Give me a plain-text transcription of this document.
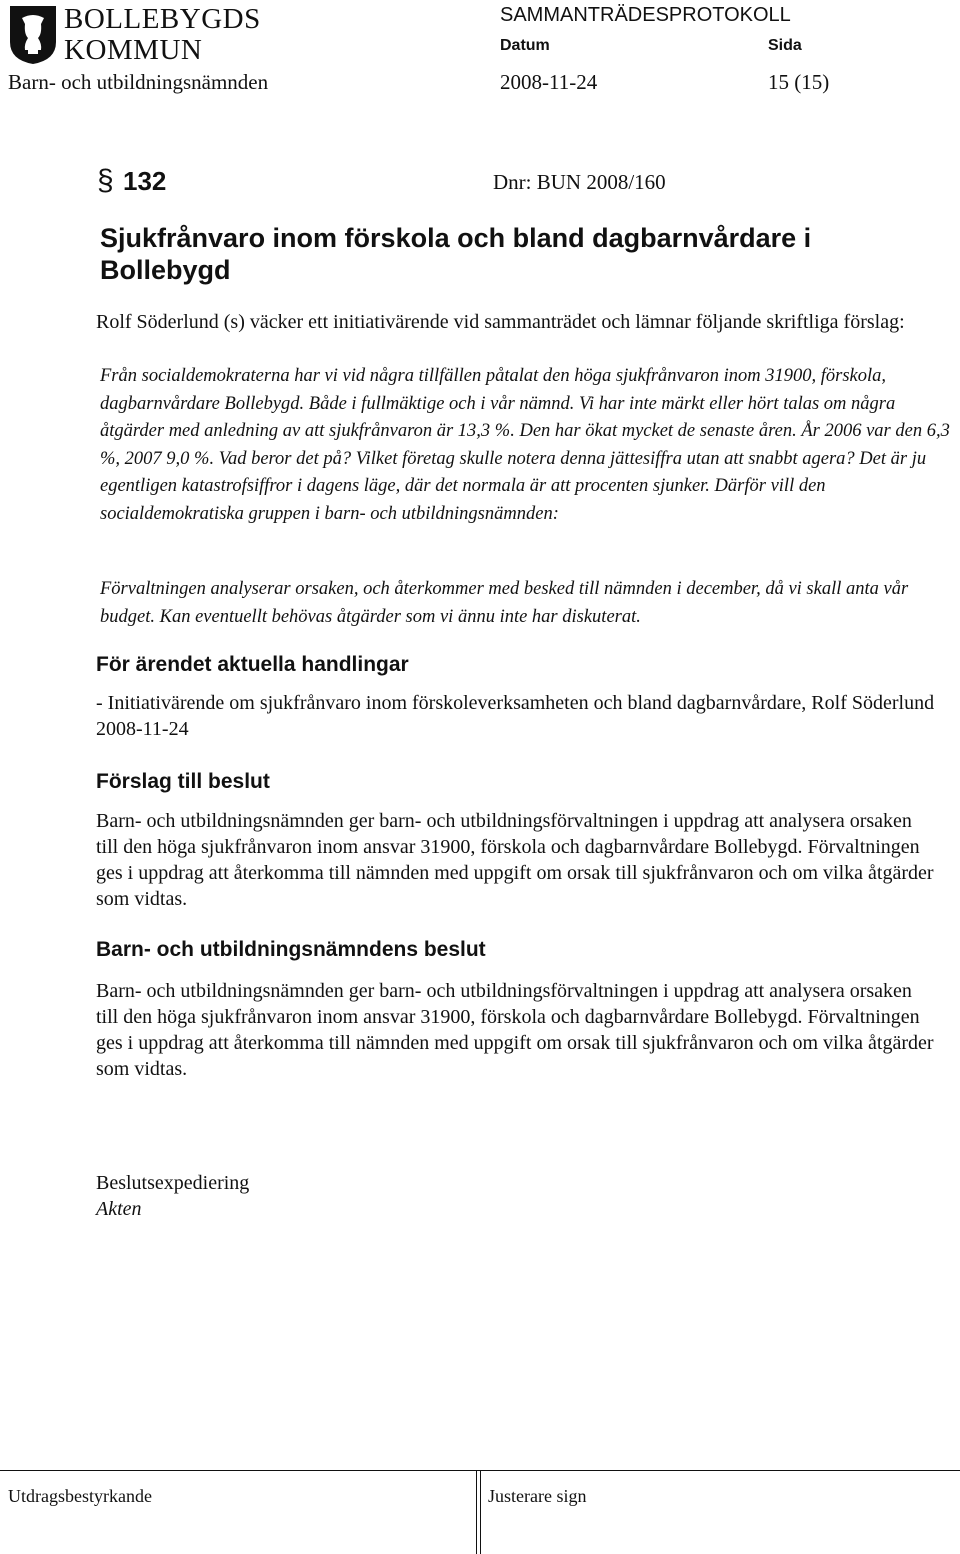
BOLLEBYGDS
KOMMUN
SAMMANTRÄDESPROTOKOLL
Datum	Sida
Barn- och utbildningsnämnden	2008-11-24	15 (15)
§ 132	Dnr: BUN 2008/160
Sjukfrånvaro inom förskola och bland dagbarnvårdare i Bollebygd
Rolf Söderlund (s) väcker ett initiativärende vid sammanträdet och lämnar följande skriftliga förslag:
Från socialdemokraterna har vi vid några tillfällen påtalat den höga sjukfrånvaron inom 31900, förskola, dagbarnvårdare Bollebygd. Både i fullmäktige och i vår nämnd. Vi har inte märkt eller hört talas om några åtgärder med anledning av att sjukfrånvaron är 13,3 %. Den har ökat mycket de senaste åren. År 2006 var den 6,3 %, 2007 9,0 %. Vad beror det på? Vilket företag skulle notera denna jättesiffra utan att snabbt agera? Det är ju egentligen katastrofsiffror i dagens läge, där det normala är att procenten sjunker. Därför vill den socialdemokratiska gruppen i barn- och utbildningsnämnden:
Förvaltningen analyserar orsaken, och återkommer med besked till nämnden i december, då vi skall anta vår budget. Kan eventuellt behövas åtgärder som vi ännu inte har diskuterat.
För ärendet aktuella handlingar
- Initiativärende om sjukfrånvaro inom förskoleverksamheten och bland dagbarnvårdare, Rolf Söderlund 2008-11-24
Förslag till beslut
Barn- och utbildningsnämnden ger barn- och utbildningsförvaltningen i uppdrag att analysera orsaken till den höga sjukfrånvaron inom ansvar 31900, förskola och dagbarnvårdare Bollebygd. Förvaltningen ges i uppdrag att återkomma till nämnden med uppgift om orsak till sjukfrånvaron och om vilka åtgärder som vidtas.
Barn- och utbildningsnämndens beslut
Barn- och utbildningsnämnden ger barn- och utbildningsförvaltningen i uppdrag att analysera orsaken till den höga sjukfrånvaron inom ansvar 31900, förskola och dagbarnvårdare Bollebygd. Förvaltningen ges i uppdrag att återkomma till nämnden med uppgift om orsak till sjukfrånvaron och om vilka åtgärder som vidtas.
Beslutsexpediering
Akten
Utdragsbestyrkande	Justerare sign
